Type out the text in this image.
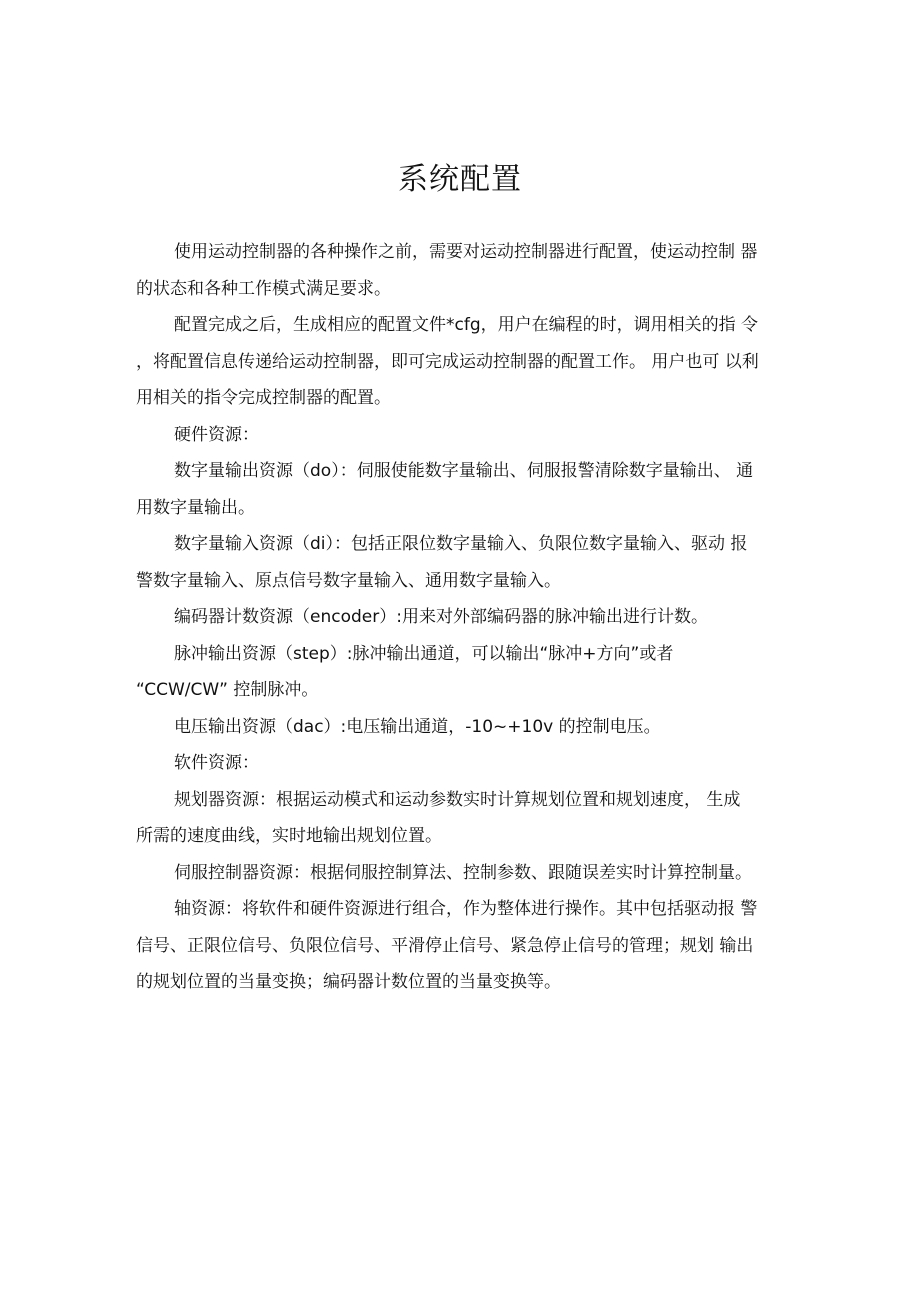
系统配置
使用运动控制器的各种操作之前，需要对运动控制器进行配置，使运动控制 器
的状态和各种工作模式满足要求。
配置完成之后，生成相应的配置文件*cfg，用户在编程的时，调用相关的指 令
，将配置信息传递给运动控制器，即可完成运动控制器的配置工作。 用户也可 以利
用相关的指令完成控制器的配置。
硬件资源：
数字量输出资源（do）：伺服使能数字量输出、伺服报警清除数字量输出、 通
用数字量输出。
数字量输入资源（di）：包括正限位数字量输入、负限位数字量输入、驱动 报
警数字量输入、原点信号数字量输入、通用数字量输入。
编码器计数资源（encoder）:用来对外部编码器的脉冲输出进行计数。
脉冲输出资源（step）:脉冲输出通道，可以输出“脉冲+方向”或者
“CCW/CW” 控制脉冲。
电压输出资源（dac）:电压输出通道，-10~+10v 的控制电压。
软件资源：
规划器资源：根据运动模式和运动参数实时计算规划位置和规划速度， 生成
所需的速度曲线，实时地输出规划位置。
伺服控制器资源：根据伺服控制算法、控制参数、跟随误差实时计算控制量。
轴资源：将软件和硬件资源进行组合，作为整体进行操作。其中包括驱动报 警
信号、正限位信号、负限位信号、平滑停止信号、紧急停止信号的管理；规划 输出
的规划位置的当量变换；编码器计数位置的当量变换等。
